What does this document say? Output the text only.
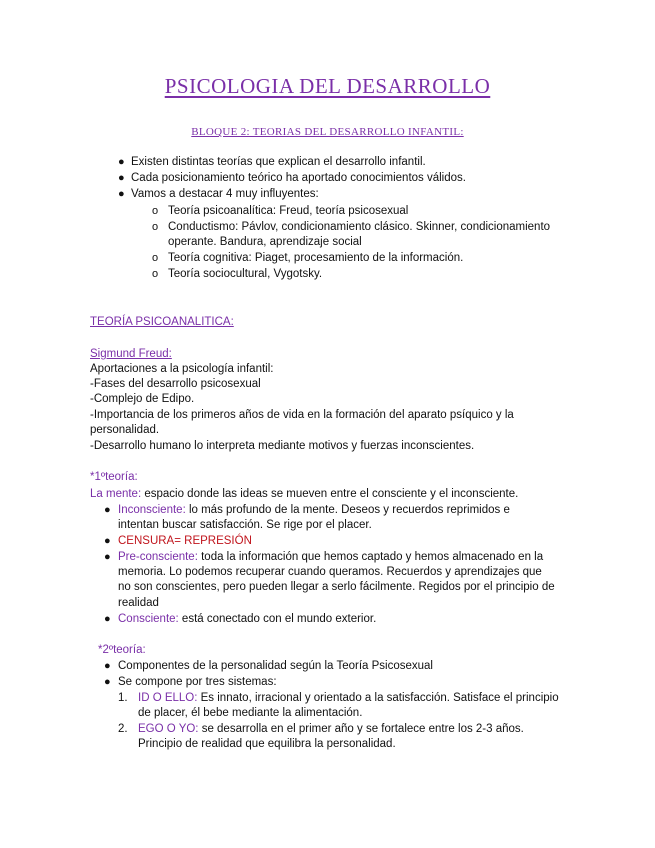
PSICOLOGIA DEL DESARROLLO
BLOQUE 2: TEORIAS DEL DESARROLLO INFANTIL:
● Existen distintas teorías que explican el desarrollo infantil.
● Cada posicionamiento teórico ha aportado conocimientos válidos.
● Vamos a destacar 4 muy influyentes:
o Teoría psicoanalítica: Freud, teoría psicosexual
o Conductismo: Pávlov, condicionamiento clásico. Skinner, condicionamiento
operante. Bandura, aprendizaje social
o Teoría cognitiva: Piaget, procesamiento de la información.
o Teoría sociocultural, Vygotsky.
TEORÍA PSICOANALITICA:
Sigmund Freud:
Aportaciones a la psicología infantil:
-Fases del desarrollo psicosexual
-Complejo de Edipo.
-Importancia de los primeros años de vida en la formación del aparato psíquico y la
personalidad.
-Desarrollo humano lo interpreta mediante motivos y fuerzas inconscientes.
*1ºteoría:
La mente: espacio donde las ideas se mueven entre el consciente y el inconsciente.
● Inconsciente: lo más profundo de la mente. Deseos y recuerdos reprimidos e
intentan buscar satisfacción. Se rige por el placer.
● CENSURA= REPRESIÓN
● Pre-consciente: toda la información que hemos captado y hemos almacenado en la
memoria. Lo podemos recuperar cuando queramos. Recuerdos y aprendizajes que
no son conscientes, pero pueden llegar a serlo fácilmente. Regidos por el principio de
realidad
● Consciente: está conectado con el mundo exterior.
*2ºteoría:
● Componentes de la personalidad según la Teoría Psicosexual
● Se compone por tres sistemas:
1. ID O ELLO: Es innato, irracional y orientado a la satisfacción. Satisface el principio
de placer, él bebe mediante la alimentación.
2. EGO O YO: se desarrolla en el primer año y se fortalece entre los 2-3 años.
Principio de realidad que equilibra la personalidad.
